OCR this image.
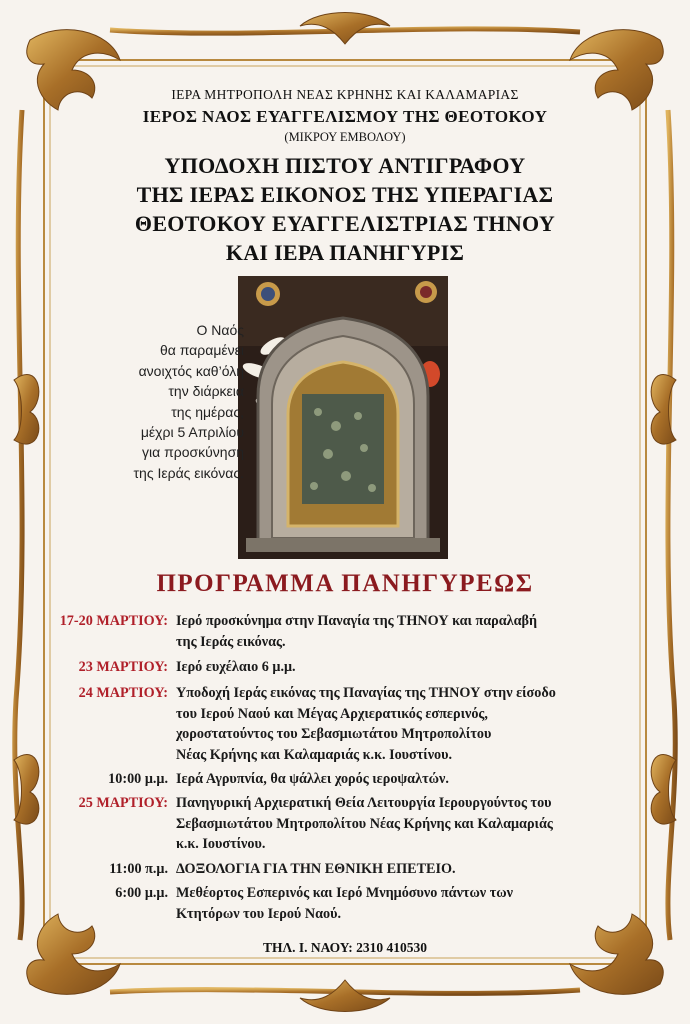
ΙΕΡΑ ΜΗΤΡΟΠΟΛΗ ΝΕΑΣ ΚΡΗΝΗΣ ΚΑΙ ΚΑΛΑΜΑΡΙΑΣ
ΙΕΡΟΣ ΝΑΟΣ ΕΥΑΓΓΕΛΙΣΜΟΥ ΤΗΣ ΘΕΟΤΟΚΟΥ
(ΜΙΚΡΟΥ ΕΜΒΟΛΟΥ)
ΥΠΟΔΟΧΗ ΠΙΣΤΟΥ ΑΝΤΙΓΡΑΦΟΥ
ΤΗΣ ΙΕΡΑΣ ΕΙΚΟΝΟΣ ΤΗΣ ΥΠΕΡΑΓΙΑΣ
ΘΕΟΤΟΚΟΥ ΕΥΑΓΓΕΛΙΣΤΡΙΑΣ ΤΗΝΟΥ
ΚΑΙ ΙΕΡΑ ΠΑΝΗΓΥΡΙΣ
Ο Ναός
θα παραμένει
ανοιχτός καθ’όλη
την διάρκεια
της ημέρας,
μέχρι 5 Απριλίου
για προσκύνηση
της Ιεράς εικόνας.
ΠΡΟΓΡΑΜΜΑ ΠΑΝΗΓΥΡΕΩΣ
17-20 ΜΑΡΤΙΟΥ: Ιερό προσκύνημα στην Παναγία της ΤΗΝΟΥ και παραλαβή
της Ιεράς εικόνας.
23 ΜΑΡΤΙΟΥ: Ιερό ευχέλαιο 6 μ.μ.
24 ΜΑΡΤΙΟΥ: Υποδοχή Ιεράς εικόνας της Παναγίας της ΤΗΝΟΥ στην είσοδο
του Ιερού Ναού και Μέγας Αρχιερατικός εσπερινός,
χοροστατούντος του Σεβασμιωτάτου Μητροπολίτου
Νέας Κρήνης και Καλαμαριάς κ.κ. Ιουστίνου.
10:00 μ.μ. Ιερά Αγρυπνία, θα ψάλλει χορός ιεροψαλτών.
25 ΜΑΡΤΙΟΥ: Πανηγυρική Αρχιερατική Θεία Λειτουργία Ιερουργούντος του
Σεβασμιωτάτου Μητροπολίτου Νέας Κρήνης και Καλαμαριάς
κ.κ. Ιουστίνου.
11:00 π.μ. ΔΟΞΟΛΟΓΙΑ ΓΙΑ ΤΗΝ ΕΘΝΙΚΗ ΕΠΕΤΕΙΟ.
6:00 μ.μ. Μεθέορτος Εσπερινός και Ιερό Μνημόσυνο πάντων των
Κτητόρων του Ιερού Ναού.
ΤΗΛ. Ι. ΝΑΟΥ: 2310 410530
